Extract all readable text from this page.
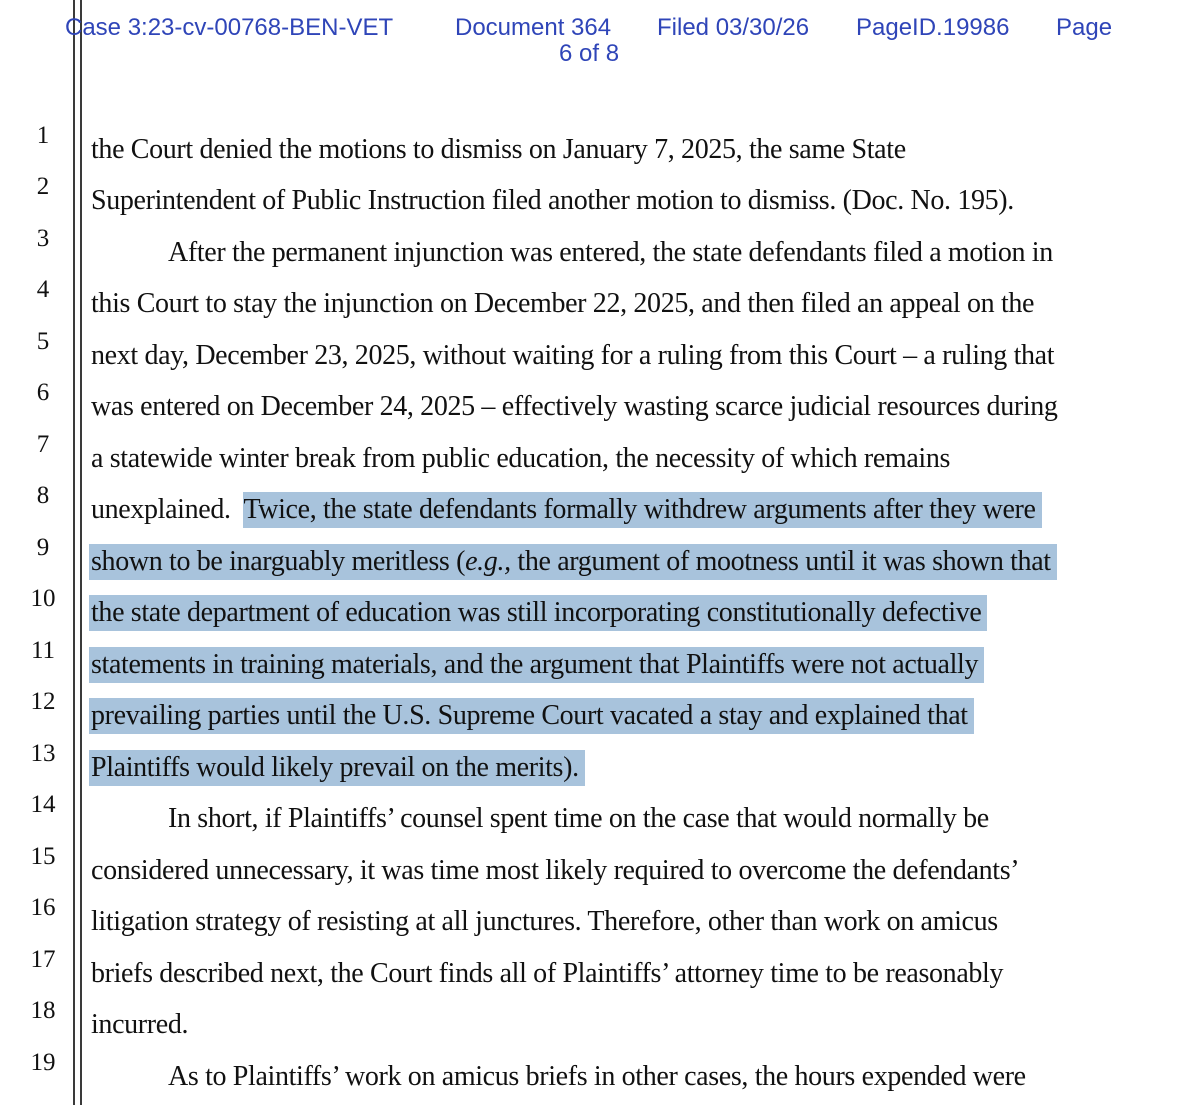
Case 3:23-cv-00768-BEN-VET	Document 364 Filed 03/30/26 PageID.19986 Page
6 of 8
1
2
3
4
5
6
7
8
9
10
11
12
13
14
15
16
17
18
19
the Court denied the motions to dismiss on January 7, 2025, the same State
Superintendent of Public Instruction filed another motion to dismiss. (Doc. No. 195).
After the permanent injunction was entered, the state defendants filed a motion in
this Court to stay the injunction on December 22, 2025, and then filed an appeal on the
next day, December 23, 2025, without waiting for a ruling from this Court – a ruling that
was entered on December 24, 2025 – effectively wasting scarce judicial resources during
a statewide winter break from public education, the necessity of which remains
unexplained.  Twice, the state defendants formally withdrew arguments after they were
shown to be inarguably meritless (e.g., the argument of mootness until it was shown that
the state department of education was still incorporating constitutionally defective
statements in training materials, and the argument that Plaintiffs were not actually
prevailing parties until the U.S. Supreme Court vacated a stay and explained that
Plaintiffs would likely prevail on the merits).
In short, if Plaintiffs’ counsel spent time on the case that would normally be
considered unnecessary, it was time most likely required to overcome the defendants’
litigation strategy of resisting at all junctures. Therefore, other than work on amicus
briefs described next, the Court finds all of Plaintiffs’ attorney time to be reasonably
incurred.
As to Plaintiffs’ work on amicus briefs in other cases, the hours expended were
